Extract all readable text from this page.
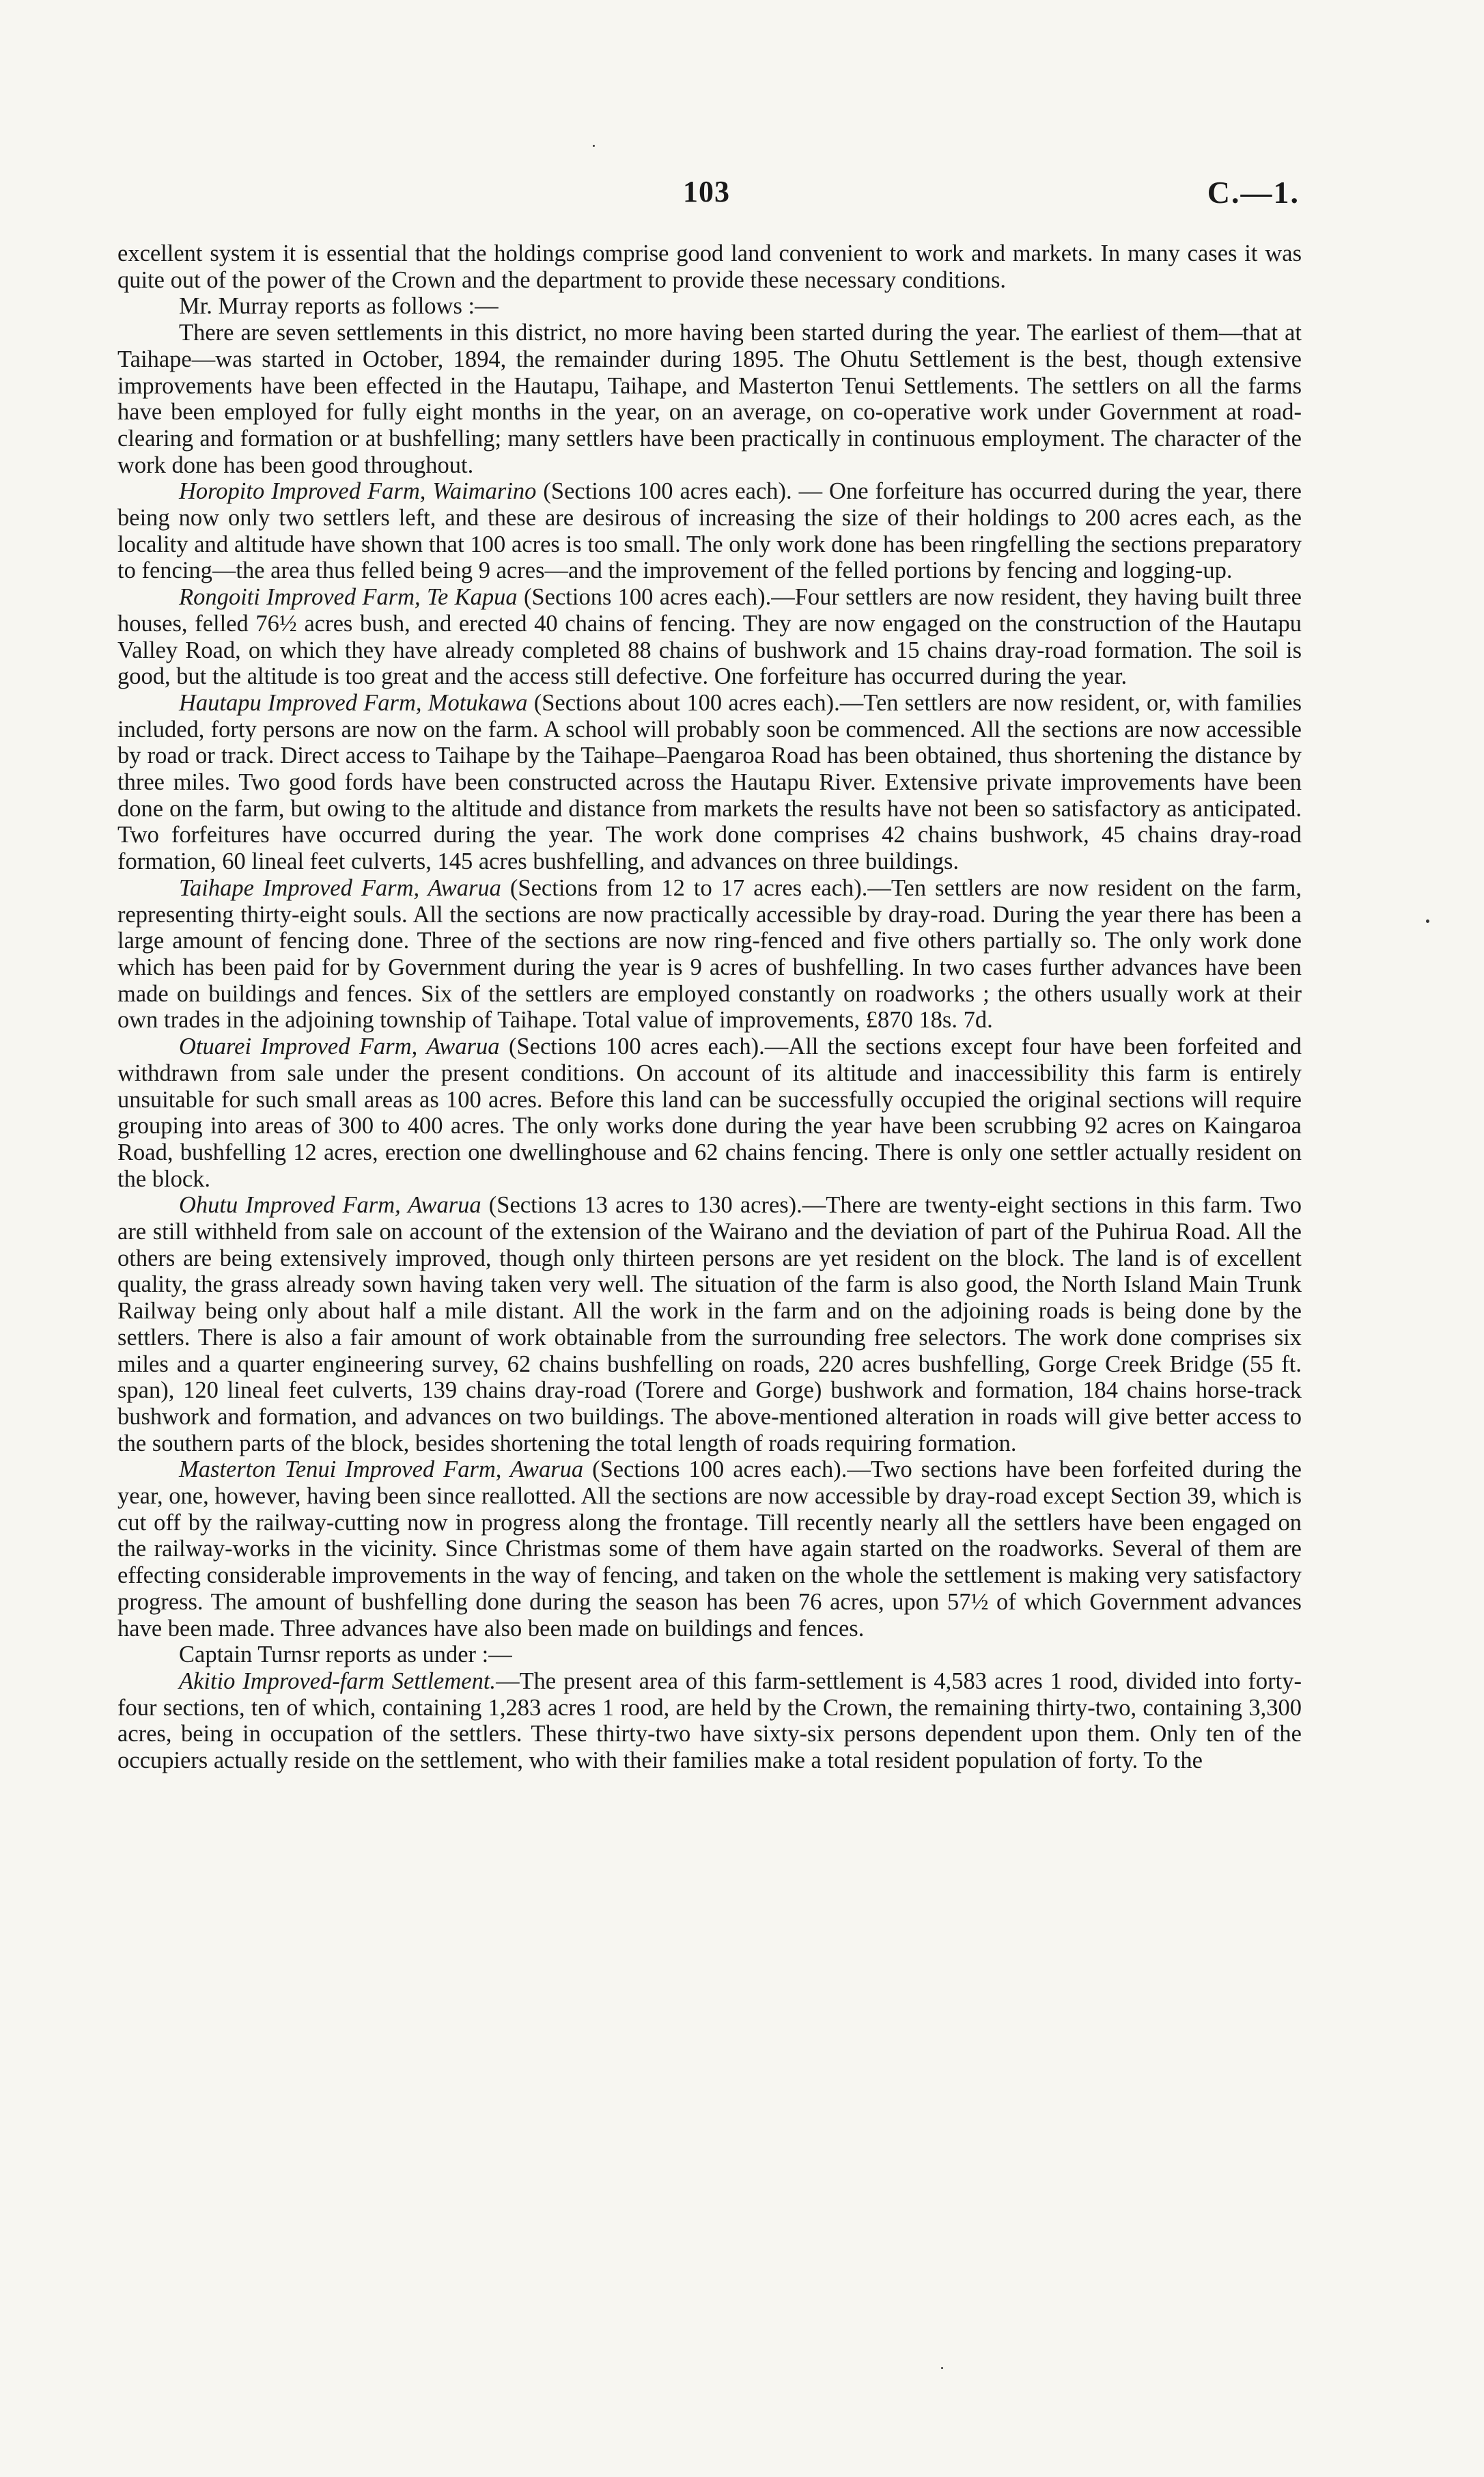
103	C.—1.

excellent system it is essential that the holdings comprise good land convenient to work and markets. In many cases it was quite out of the power of the Crown and the department to provide these necessary conditions.

Mr. Murray reports as follows :—

There are seven settlements in this district, no more having been started during the year. The earliest of them—that at Taihape—was started in October, 1894, the remainder during 1895. The Ohutu Settlement is the best, though extensive improvements have been effected in the Hautapu, Taihape, and Masterton Tenui Settlements. The settlers on all the farms have been employed for fully eight months in the year, on an average, on co-operative work under Government at road-clearing and formation or at bushfelling; many settlers have been practically in continuous employment. The character of the work done has been good throughout.

Horopito Improved Farm, Waimarino (Sections 100 acres each). — One forfeiture has occurred during the year, there being now only two settlers left, and these are desirous of increasing the size of their holdings to 200 acres each, as the locality and altitude have shown that 100 acres is too small. The only work done has been ringfelling the sections preparatory to fencing—the area thus felled being 9 acres—and the improvement of the felled portions by fencing and logging-up.

Rongoiti Improved Farm, Te Kapua (Sections 100 acres each).—Four settlers are now resident, they having built three houses, felled 76½ acres bush, and erected 40 chains of fencing. They are now engaged on the construction of the Hautapu Valley Road, on which they have already completed 88 chains of bushwork and 15 chains dray-road formation. The soil is good, but the altitude is too great and the access still defective. One forfeiture has occurred during the year.

Hautapu Improved Farm, Motukawa (Sections about 100 acres each).—Ten settlers are now resident, or, with families included, forty persons are now on the farm. A school will probably soon be commenced. All the sections are now accessible by road or track. Direct access to Taihape by the Taihape–Paengaroa Road has been obtained, thus shortening the distance by three miles. Two good fords have been constructed across the Hautapu River. Extensive private improvements have been done on the farm, but owing to the altitude and distance from markets the results have not been so satisfactory as anticipated. Two forfeitures have occurred during the year. The work done comprises 42 chains bushwork, 45 chains dray-road formation, 60 lineal feet culverts, 145 acres bushfelling, and advances on three buildings.

Taihape Improved Farm, Awarua (Sections from 12 to 17 acres each).—Ten settlers are now resident on the farm, representing thirty-eight souls. All the sections are now practically accessible by dray-road. During the year there has been a large amount of fencing done. Three of the sections are now ring-fenced and five others partially so. The only work done which has been paid for by Government during the year is 9 acres of bushfelling. In two cases further advances have been made on buildings and fences. Six of the settlers are employed constantly on roadworks ; the others usually work at their own trades in the adjoining township of Taihape. Total value of improvements, £870 18s. 7d.

Otuarei Improved Farm, Awarua (Sections 100 acres each).—All the sections except four have been forfeited and withdrawn from sale under the present conditions. On account of its altitude and inaccessibility this farm is entirely unsuitable for such small areas as 100 acres. Before this land can be successfully occupied the original sections will require grouping into areas of 300 to 400 acres. The only works done during the year have been scrubbing 92 acres on Kaingaroa Road, bushfelling 12 acres, erection one dwellinghouse and 62 chains fencing. There is only one settler actually resident on the block.

Ohutu Improved Farm, Awarua (Sections 13 acres to 130 acres).—There are twenty-eight sections in this farm. Two are still withheld from sale on account of the extension of the Wairano and the deviation of part of the Puhirua Road. All the others are being extensively improved, though only thirteen persons are yet resident on the block. The land is of excellent quality, the grass already sown having taken very well. The situation of the farm is also good, the North Island Main Trunk Railway being only about half a mile distant. All the work in the farm and on the adjoining roads is being done by the settlers. There is also a fair amount of work obtainable from the surrounding free selectors. The work done comprises six miles and a quarter engineering survey, 62 chains bushfelling on roads, 220 acres bushfelling, Gorge Creek Bridge (55 ft. span), 120 lineal feet culverts, 139 chains dray-road (Torere and Gorge) bushwork and formation, 184 chains horse-track bushwork and formation, and advances on two buildings. The above-mentioned alteration in roads will give better access to the southern parts of the block, besides shortening the total length of roads requiring formation.

Masterton Tenui Improved Farm, Awarua (Sections 100 acres each).—Two sections have been forfeited during the year, one, however, having been since reallotted. All the sections are now accessible by dray-road except Section 39, which is cut off by the railway-cutting now in progress along the frontage. Till recently nearly all the settlers have been engaged on the railway-works in the vicinity. Since Christmas some of them have again started on the roadworks. Several of them are effecting considerable improvements in the way of fencing, and taken on the whole the settlement is making very satisfactory progress. The amount of bushfelling done during the season has been 76 acres, upon 57½ of which Government advances have been made. Three advances have also been made on buildings and fences.

Captain Turnsr reports as under :—

Akitio Improved-farm Settlement.—The present area of this farm-settlement is 4,583 acres 1 rood, divided into forty-four sections, ten of which, containing 1,283 acres 1 rood, are held by the Crown, the remaining thirty-two, containing 3,300 acres, being in occupation of the settlers. These thirty-two have sixty-six persons dependent upon them. Only ten of the occupiers actually reside on the settlement, who with their families make a total resident population of forty. To the
